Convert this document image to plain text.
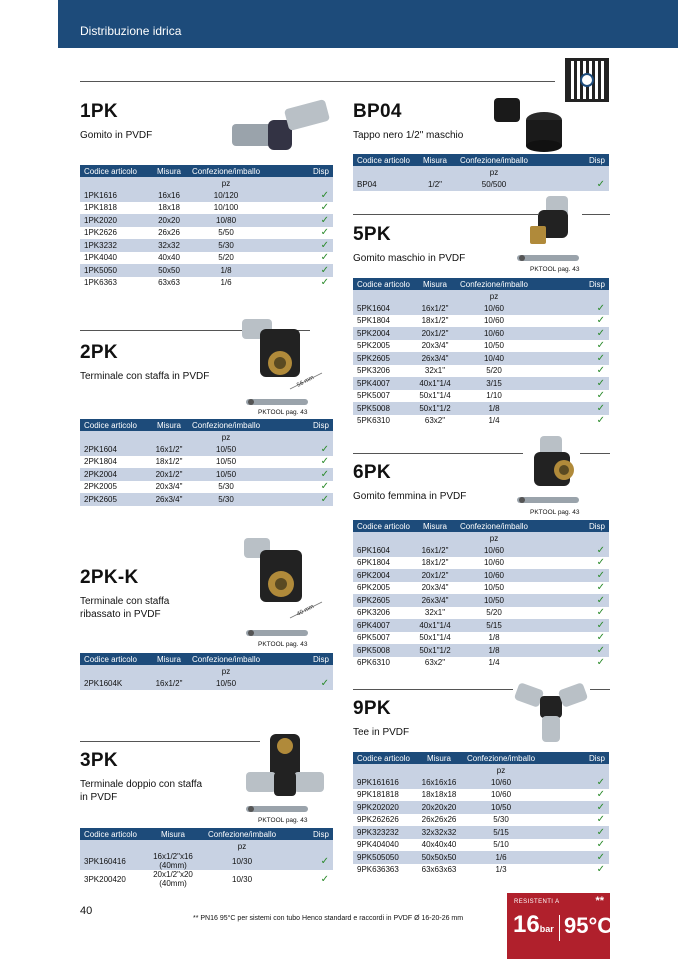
Distribuzione idrica
1PK
Gomito in PVDF
Codice articolo	Misura	Confezione/imballo	Disp
		pz	
1PK1616	16x16	10/120	✓
1PK1818	18x18	10/100	✓
1PK2020	20x20	10/80	✓
1PK2626	26x26	5/50	✓
1PK3232	32x32	5/30	✓
1PK4040	40x40	5/20	✓
1PK5050	50x50	1/8	✓
1PK6363	63x63	1/6	✓
2PK
Terminale con staffa in PVDF	56 mm
PKTOOL pag. 43
Codice articolo	Misura	Confezione/imballo	Disp
		pz	
2PK1604	16x1/2"	10/50	✓
2PK1804	18x1/2"	10/50	✓
2PK2004	20x1/2"	10/50	✓
2PK2005	20x3/4"	5/30	✓
2PK2605	26x3/4"	5/30	✓
2PK-K
Terminale con staffa
ribassato in PVDF	40 mm
PKTOOL pag. 43
Codice articolo	Misura	Confezione/imballo	Disp
		pz	
2PK1604K	16x1/2"	10/50	✓
3PK
Terminale doppio con staffa
in PVDF
PKTOOL pag. 43
Codice articolo	Misura	Confezione/imballo	Disp
		pz	
3PK160416	16x1/2"x16 (40mm)	10/30	✓
3PK200420	20x1/2"x20 (40mm)	10/30	✓
BP04
Tappo nero 1/2" maschio
Codice articolo	Misura	Confezione/imballo	Disp
		pz	
BP04	1/2"	50/500	✓
5PK
Gomito maschio in PVDF
PKTOOL pag. 43
Codice articolo	Misura	Confezione/imballo	Disp
		pz	
5PK1604	16x1/2"	10/60	✓
5PK1804	18x1/2"	10/60	✓
5PK2004	20x1/2"	10/60	✓
5PK2005	20x3/4"	10/50	✓
5PK2605	26x3/4"	10/40	✓
5PK3206	32x1"	5/20	✓
5PK4007	40x1"1/4	3/15	✓
5PK5007	50x1"1/4	1/10	✓
5PK5008	50x1"1/2	1/8	✓
5PK6310	63x2"	1/4	✓
6PK
Gomito femmina in PVDF
PKTOOL pag. 43
Codice articolo	Misura	Confezione/imballo	Disp
		pz	
6PK1604	16x1/2"	10/60	✓
6PK1804	18x1/2"	10/60	✓
6PK2004	20x1/2"	10/60	✓
6PK2005	20x3/4"	10/50	✓
6PK2605	26x3/4"	10/50	✓
6PK3206	32x1"	5/20	✓
6PK4007	40x1"1/4	5/15	✓
6PK5007	50x1"1/4	1/8	✓
6PK5008	50x1"1/2	1/8	✓
6PK6310	63x2"	1/4	✓
9PK
Tee in PVDF
Codice articolo	Misura	Confezione/imballo	Disp
		pz	
9PK161616	16x16x16	10/60	✓
9PK181818	18x18x18	10/60	✓
9PK202020	20x20x20	10/50	✓
9PK262626	26x26x26	5/30	✓
9PK323232	32x32x32	5/15	✓
9PK404040	40x40x40	5/10	✓
9PK505050	50x50x50	1/6	✓
9PK636363	63x63x63	1/3	✓
40
** PN16 95°C per sistemi con tubo Henco standard e raccordi in PVDF Ø 16-20-26 mm
RESISTENTI A	**
16bar 95°C
